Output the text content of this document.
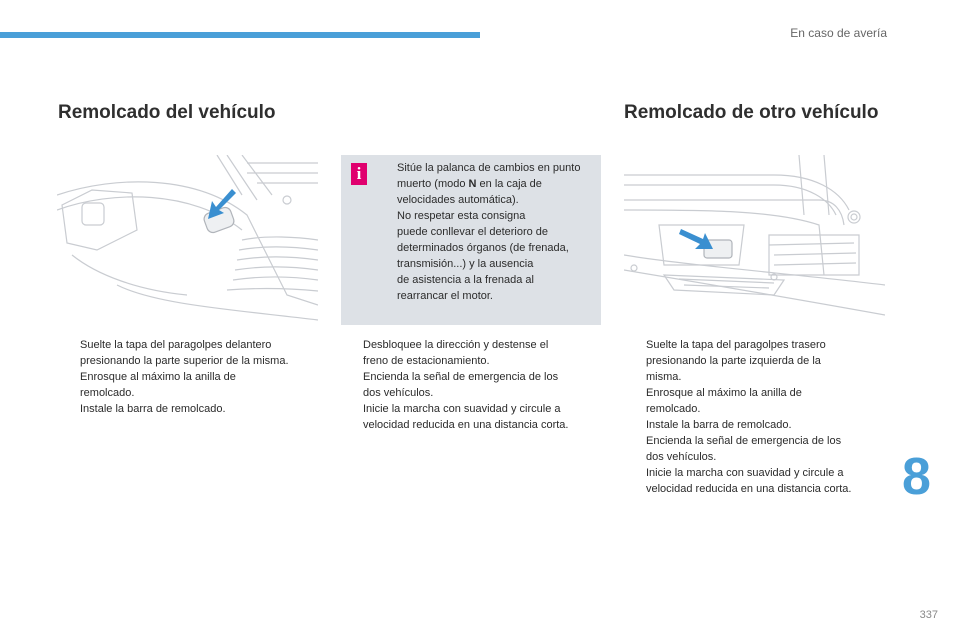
En caso de avería
Remolcado del vehículo	Remolcado de otro vehículo
i	Sitúe la palanca de cambios en punto muerto (modo N en la caja de velocidades automática).
No respetar esta consigna
puede conllevar el deterioro de
determinados órganos (de frenada,
transmisión...) y la ausencia
de asistencia a la frenada al
rearrancar el motor.
Suelte la tapa del paragolpes delantero
presionando la parte superior de la misma.
Enrosque al máximo la anilla de
remolcado.
Instale la barra de remolcado.
Desbloquee la dirección y destense el
freno de estacionamiento.
Encienda la señal de emergencia de los
dos vehículos.
Inicie la marcha con suavidad y circule a
velocidad reducida en una distancia corta.
Suelte la tapa del paragolpes trasero
presionando la parte izquierda de la
misma.
Enrosque al máximo la anilla de
remolcado.
Instale la barra de remolcado.
Encienda la señal de emergencia de los
dos vehículos.
Inicie la marcha con suavidad y circule a
velocidad reducida en una distancia corta. 8
337
